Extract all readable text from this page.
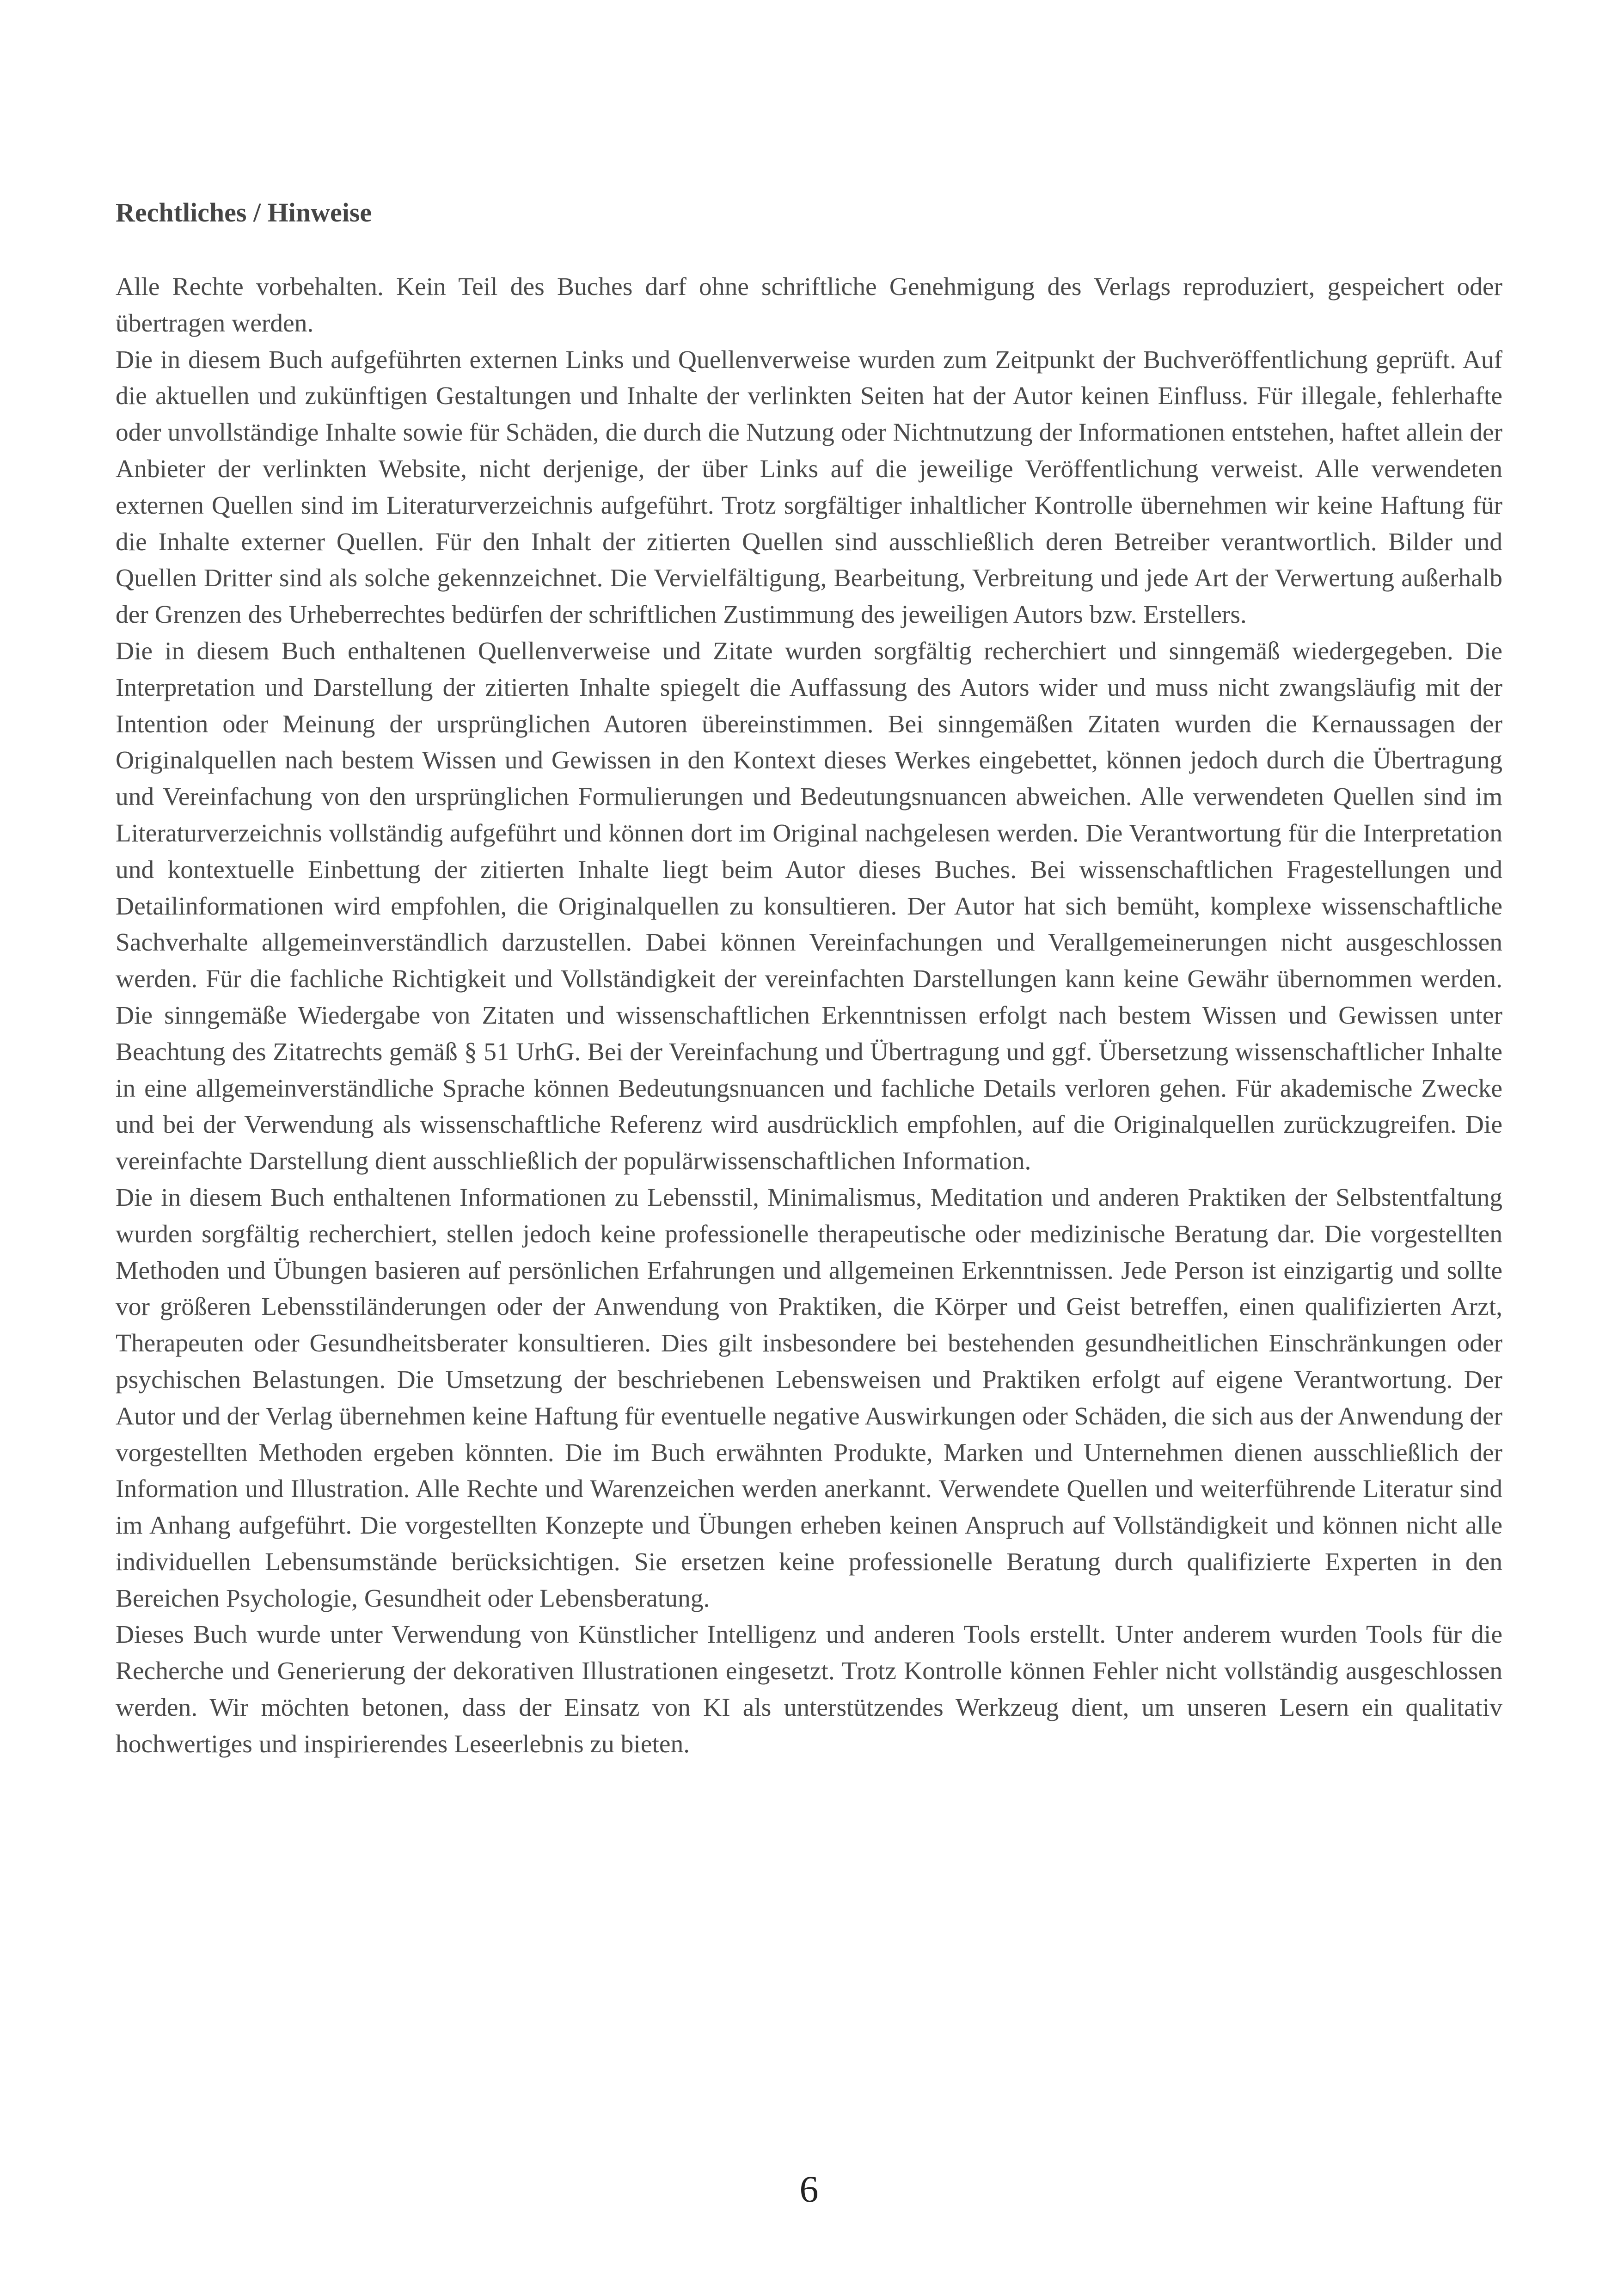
Rechtliches / Hinweise

Alle Rechte vorbehalten. Kein Teil des Buches darf ohne schriftliche Genehmigung des Verlags reproduziert, gespeichert oder übertragen werden.

Die in diesem Buch aufgeführten externen Links und Quellenverweise wurden zum Zeitpunkt der Buchveröffentlichung geprüft. Auf die aktuellen und zukünftigen Gestaltungen und Inhalte der verlinkten Seiten hat der Autor keinen Einfluss. Für illegale, fehlerhafte oder unvollständige Inhalte sowie für Schäden, die durch die Nutzung oder Nichtnutzung der Informationen entstehen, haftet allein der Anbieter der verlinkten Website, nicht derjenige, der über Links auf die jeweilige Veröffentlichung verweist. Alle verwendeten externen Quellen sind im Literaturverzeichnis aufgeführt. Trotz sorgfältiger inhaltlicher Kontrolle übernehmen wir keine Haftung für die Inhalte externer Quellen. Für den Inhalt der zitierten Quellen sind ausschließlich deren Betreiber verantwortlich. Bilder und Quellen Dritter sind als solche gekennzeichnet. Die Vervielfältigung, Bearbeitung, Verbreitung und jede Art der Verwertung außerhalb der Grenzen des Urheberrechtes bedürfen der schriftlichen Zustimmung des jeweiligen Autors bzw. Erstellers.

Die in diesem Buch enthaltenen Quellenverweise und Zitate wurden sorgfältig recherchiert und sinngemäß wiedergegeben. Die Interpretation und Darstellung der zitierten Inhalte spiegelt die Auffassung des Autors wider und muss nicht zwangsläufig mit der Intention oder Meinung der ursprünglichen Autoren übereinstimmen. Bei sinngemäßen Zitaten wurden die Kernaussagen der Originalquellen nach bestem Wissen und Gewissen in den Kontext dieses Werkes eingebettet, können jedoch durch die Übertragung und Vereinfachung von den ursprünglichen Formulierungen und Bedeutungsnuancen abweichen. Alle verwendeten Quellen sind im Literaturverzeichnis vollständig aufgeführt und können dort im Original nachgelesen werden. Die Verantwortung für die Interpretation und kontextuelle Einbettung der zitierten Inhalte liegt beim Autor dieses Buches. Bei wissenschaftlichen Fragestellungen und Detailinformationen wird empfohlen, die Originalquellen zu konsultieren. Der Autor hat sich bemüht, komplexe wissenschaftliche Sachverhalte allgemeinverständlich darzustellen. Dabei können Vereinfachungen und Verallgemeinerungen nicht ausgeschlossen werden. Für die fachliche Richtigkeit und Vollständigkeit der vereinfachten Darstellungen kann keine Gewähr übernommen werden. Die sinngemäße Wiedergabe von Zitaten und wissenschaftlichen Erkenntnissen erfolgt nach bestem Wissen und Gewissen unter Beachtung des Zitatrechts gemäß § 51 UrhG. Bei der Vereinfachung und Übertragung und ggf. Übersetzung wissenschaftlicher Inhalte in eine allgemeinverständliche Sprache können Bedeutungsnuancen und fachliche Details verloren gehen. Für akademische Zwecke und bei der Verwendung als wissenschaftliche Referenz wird ausdrücklich empfohlen, auf die Originalquellen zurückzugreifen. Die vereinfachte Darstellung dient ausschließlich der populärwissenschaftlichen Information.

Die in diesem Buch enthaltenen Informationen zu Lebensstil, Minimalismus, Meditation und anderen Praktiken der Selbstentfaltung wurden sorgfältig recherchiert, stellen jedoch keine professionelle therapeutische oder medizinische Beratung dar. Die vorgestellten Methoden und Übungen basieren auf persönlichen Erfahrungen und allgemeinen Erkenntnissen. Jede Person ist einzigartig und sollte vor größeren Lebensstiländerungen oder der Anwendung von Praktiken, die Körper und Geist betreffen, einen qualifizierten Arzt, Therapeuten oder Gesundheitsberater konsultieren. Dies gilt insbesondere bei bestehenden gesundheitlichen Einschränkungen oder psychischen Belastungen. Die Umsetzung der beschriebenen Lebensweisen und Praktiken erfolgt auf eigene Verantwortung. Der Autor und der Verlag übernehmen keine Haftung für eventuelle negative Auswirkungen oder Schäden, die sich aus der Anwendung der vorgestellten Methoden ergeben könnten. Die im Buch erwähnten Produkte, Marken und Unternehmen dienen ausschließlich der Information und Illustration. Alle Rechte und Warenzeichen werden anerkannt. Verwendete Quellen und weiterführende Literatur sind im Anhang aufgeführt. Die vorgestellten Konzepte und Übungen erheben keinen Anspruch auf Vollständigkeit und können nicht alle individuellen Lebensumstände berücksichtigen. Sie ersetzen keine professionelle Beratung durch qualifizierte Experten in den Bereichen Psychologie, Gesundheit oder Lebensberatung.

Dieses Buch wurde unter Verwendung von Künstlicher Intelligenz und anderen Tools erstellt. Unter anderem wurden Tools für die Recherche und Generierung der dekorativen Illustrationen eingesetzt. Trotz Kontrolle können Fehler nicht vollständig ausgeschlossen werden. Wir möchten betonen, dass der Einsatz von KI als unterstützendes Werkzeug dient, um unseren Lesern ein qualitativ hochwertiges und inspirierendes Leseerlebnis zu bieten.

6
